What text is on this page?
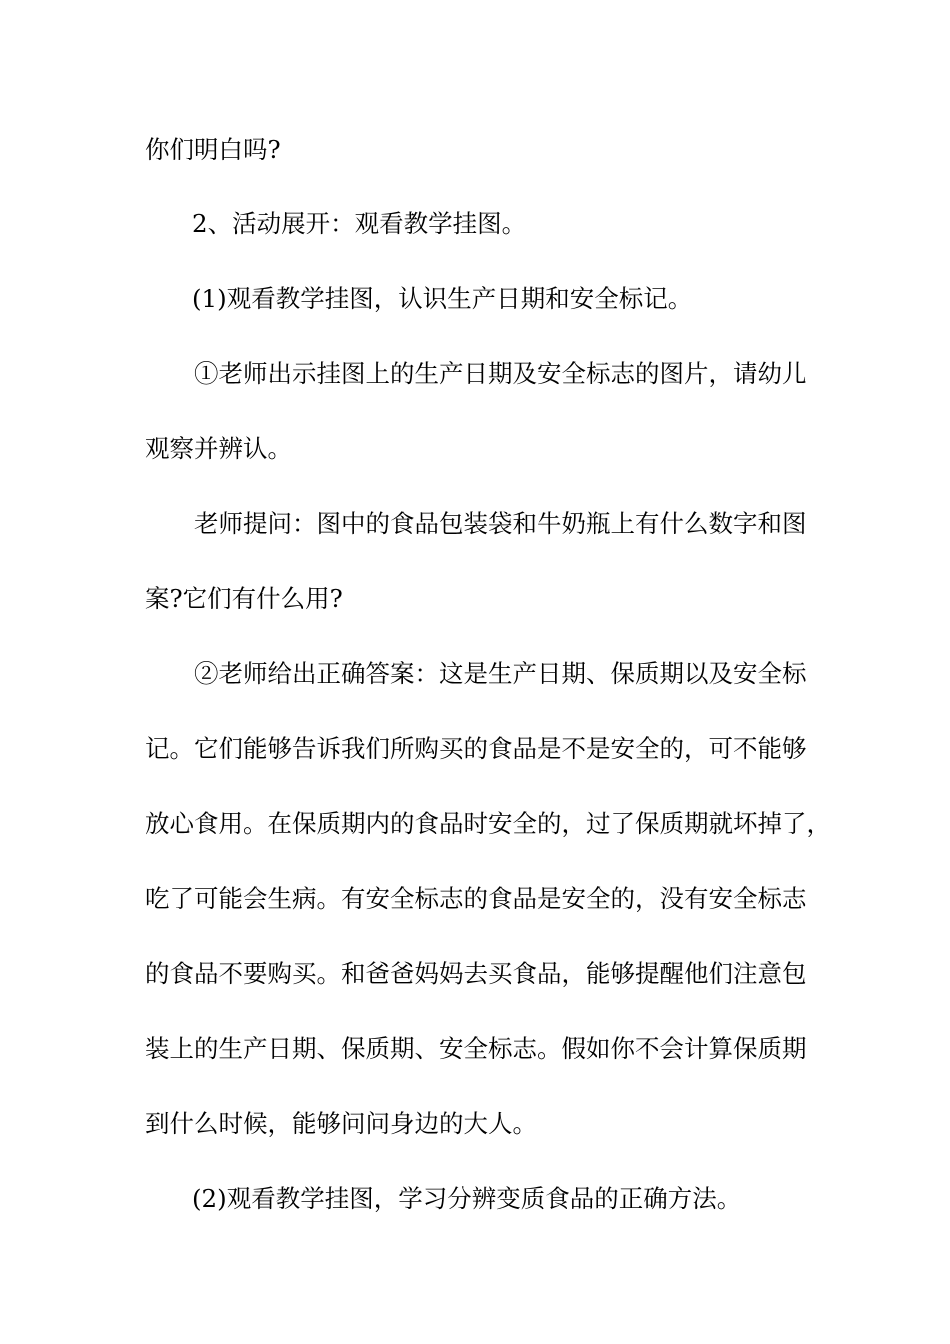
你们明白吗?
2、活动展开：观看教学挂图。
(1)观看教学挂图，认识生产日期和安全标记。
①老师出示挂图上的生产日期及安全标志的图片，请幼儿
观察并辨认。
老师提问：图中的食品包装袋和牛奶瓶上有什么数字和图
案?它们有什么用?
②老师给出正确答案：这是生产日期、保质期以及安全标
记。它们能够告诉我们所购买的食品是不是安全的，可不能够
放心食用。在保质期内的食品时安全的，过了保质期就坏掉了，
吃了可能会生病。有安全标志的食品是安全的，没有安全标志
的食品不要购买。和爸爸妈妈去买食品，能够提醒他们注意包
装上的生产日期、保质期、安全标志。假如你不会计算保质期
到什么时候，能够问问身边的大人。
(2)观看教学挂图，学习分辨变质食品的正确方法。
